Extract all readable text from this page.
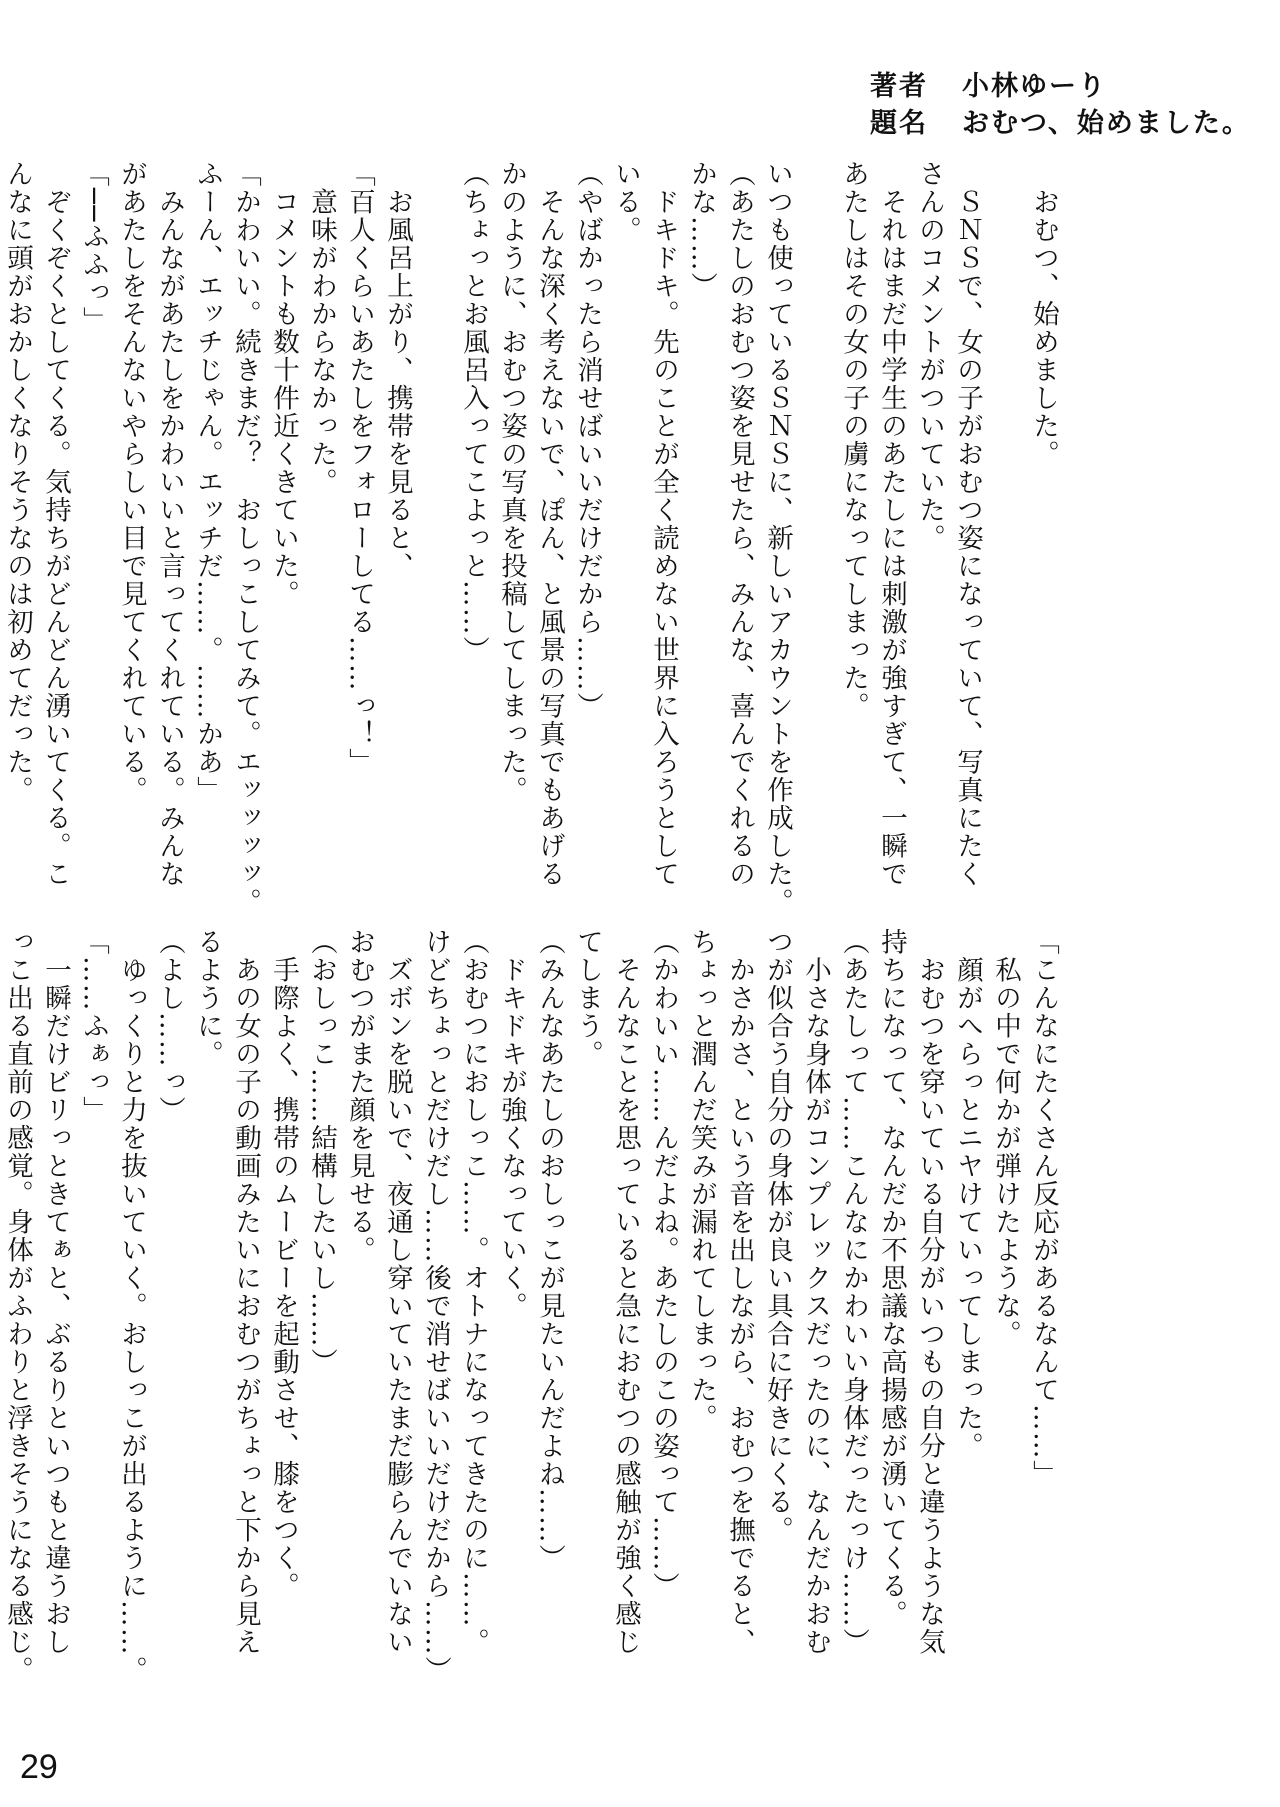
著者 小林ゆーり
題名 おむつ、始めました。

　おむつ、始めました。

　ＳＮＳで、女の子がおむつ姿になっていて、写真にたく

さんのコメントがついていた。

　それはまだ中学生のあたしには刺激が強すぎて、一瞬で

あたしはその女の子の虜になってしまった。

いつも使っているＳＮＳに、新しいアカウントを作成した。

（あたしのおむつ姿を見せたら、みんな、喜んでくれるの

かな……）

　ドキドキ。先のことが全く読めない世界に入ろうとして

いる。

（やばかったら消せばいいだけだから……）

　そんな深く考えないで、ぽん、と風景の写真でもあげる

かのように、おむつ姿の写真を投稿してしまった。

（ちょっとお風呂入ってこよっと……）

　お風呂上がり、携帯を見ると、

「百人くらいあたしをフォローしてる……っ！」

　意味がわからなかった。

　コメントも数十件近くきていた。

「かわいい。続きまだ？　おしっこしてみて。エッッッッ。

ふーん、エッチじゃん。エッチだ……。……かあ」

　みんながあたしをかわいいと言ってくれている。みんな

があたしをそんないやらしい目で見てくれている。

「──ふふっ」

　ぞくぞくとしてくる。気持ちがどんどん湧いてくる。こ

んなに頭がおかしくなりそうなのは初めてだった。

「こんなにたくさん反応があるなんて……」

　私の中で何かが弾けたような。

　顔がへらっとニヤけていってしまった。

　おむつを穿いている自分がいつもの自分と違うような気

持ちになって、なんだか不思議な高揚感が湧いてくる。

（あたしって……こんなにかわいい身体だったっけ……）

　小さな身体がコンプレックスだったのに、なんだかおむ

つが似合う自分の身体が良い具合に好きにくる。

　かさかさ、という音を出しながら、おむつを撫でると、

ちょっと潤んだ笑みが漏れてしまった。

（かわいい……んだよね。あたしのこの姿って……）

　そんなことを思っていると急におむつの感触が強く感じ

てしまう。

（みんなあたしのおしっこが見たいんだよね……）

　ドキドキが強くなっていく。

（おむつにおしっこ……。オトナになってきたのに……。

けどちょっとだけだし……後で消せばいいだけだから……）

　ズボンを脱いで、夜通し穿いていたまだ膨らんでいない

おむつがまた顔を見せる。

（おしっこ……結構したいし……）

　手際よく、携帯のムービーを起動させ、膝をつく。

　あの女の子の動画みたいにおむつがちょっと下から見え

るように。

（よし……っ）

　ゆっくりと力を抜いていく。おしっこが出るように……。

「……ふぁっ」

　一瞬だけビリっときてぁと、ぶるりといつもと違うおし

っこ出る直前の感覚。身体がふわりと浮きそうになる感じ。

29
